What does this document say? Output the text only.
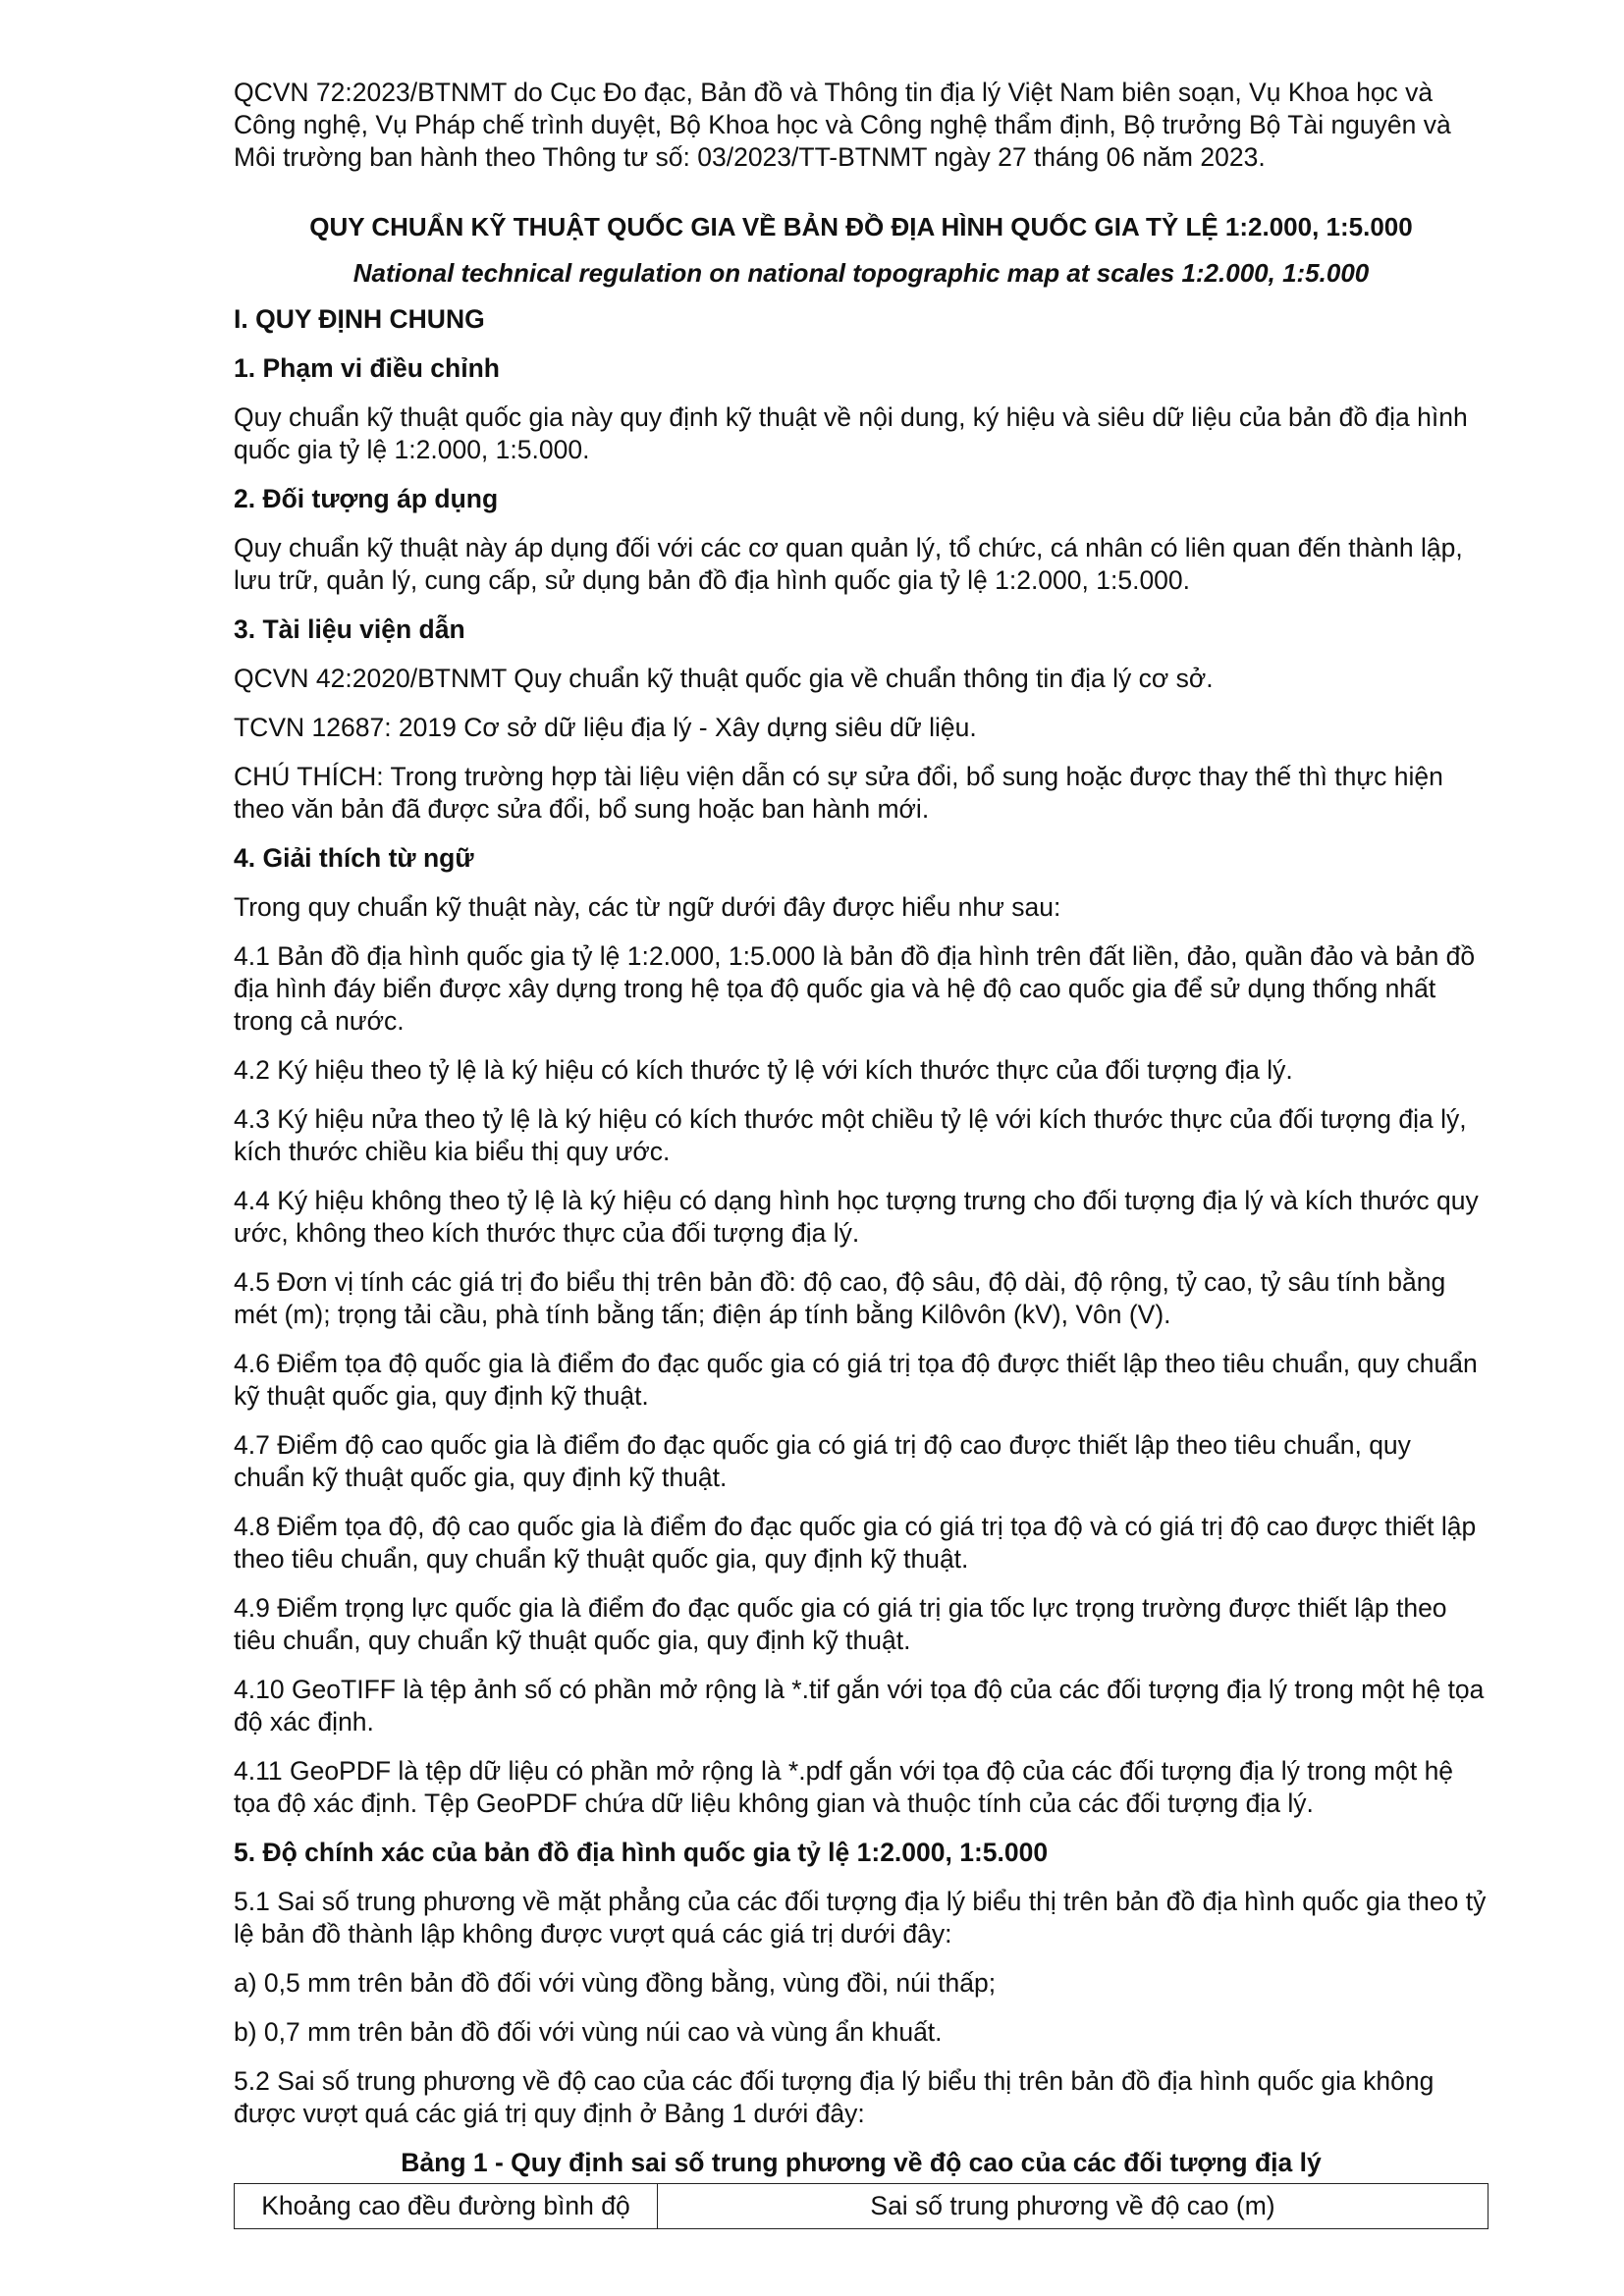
QCVN 72:2023/BTNMT do Cục Đo đạc, Bản đồ và Thông tin địa lý Việt Nam biên soạn, Vụ Khoa học và Công nghệ, Vụ Pháp chế trình duyệt, Bộ Khoa học và Công nghệ thẩm định, Bộ trưởng Bộ Tài nguyên và Môi trường ban hành theo Thông tư số: 03/2023/TT-BTNMT ngày 27 tháng 06 năm 2023.

QUY CHUẨN KỸ THUẬT QUỐC GIA VỀ BẢN ĐỒ ĐỊA HÌNH QUỐC GIA TỶ LỆ 1:2.000, 1:5.000

National technical regulation on national topographic map at scales 1:2.000, 1:5.000

I. QUY ĐỊNH CHUNG

1. Phạm vi điều chỉnh

Quy chuẩn kỹ thuật quốc gia này quy định kỹ thuật về nội dung, ký hiệu và siêu dữ liệu của bản đồ địa hình quốc gia tỷ lệ 1:2.000, 1:5.000.

2. Đối tượng áp dụng

Quy chuẩn kỹ thuật này áp dụng đối với các cơ quan quản lý, tổ chức, cá nhân có liên quan đến thành lập, lưu trữ, quản lý, cung cấp, sử dụng bản đồ địa hình quốc gia tỷ lệ 1:2.000, 1:5.000.

3. Tài liệu viện dẫn

QCVN 42:2020/BTNMT Quy chuẩn kỹ thuật quốc gia về chuẩn thông tin địa lý cơ sở.

TCVN 12687: 2019 Cơ sở dữ liệu địa lý - Xây dựng siêu dữ liệu.

CHÚ THÍCH: Trong trường hợp tài liệu viện dẫn có sự sửa đổi, bổ sung hoặc được thay thế thì thực hiện theo văn bản đã được sửa đổi, bổ sung hoặc ban hành mới.

4. Giải thích từ ngữ

Trong quy chuẩn kỹ thuật này, các từ ngữ dưới đây được hiểu như sau:

4.1 Bản đồ địa hình quốc gia tỷ lệ 1:2.000, 1:5.000 là bản đồ địa hình trên đất liền, đảo, quần đảo và bản đồ địa hình đáy biển được xây dựng trong hệ tọa độ quốc gia và hệ độ cao quốc gia để sử dụng thống nhất trong cả nước.

4.2 Ký hiệu theo tỷ lệ là ký hiệu có kích thước tỷ lệ với kích thước thực của đối tượng địa lý.

4.3 Ký hiệu nửa theo tỷ lệ là ký hiệu có kích thước một chiều tỷ lệ với kích thước thực của đối tượng địa lý, kích thước chiều kia biểu thị quy ước.

4.4 Ký hiệu không theo tỷ lệ là ký hiệu có dạng hình học tượng trưng cho đối tượng địa lý và kích thước quy ước, không theo kích thước thực của đối tượng địa lý.

4.5 Đơn vị tính các giá trị đo biểu thị trên bản đồ: độ cao, độ sâu, độ dài, độ rộng, tỷ cao, tỷ sâu tính bằng mét (m); trọng tải cầu, phà tính bằng tấn; điện áp tính bằng Kilôvôn (kV), Vôn (V).

4.6 Điểm tọa độ quốc gia là điểm đo đạc quốc gia có giá trị tọa độ được thiết lập theo tiêu chuẩn, quy chuẩn kỹ thuật quốc gia, quy định kỹ thuật.

4.7 Điểm độ cao quốc gia là điểm đo đạc quốc gia có giá trị độ cao được thiết lập theo tiêu chuẩn, quy chuẩn kỹ thuật quốc gia, quy định kỹ thuật.

4.8 Điểm tọa độ, độ cao quốc gia là điểm đo đạc quốc gia có giá trị tọa độ và có giá trị độ cao được thiết lập theo tiêu chuẩn, quy chuẩn kỹ thuật quốc gia, quy định kỹ thuật.

4.9 Điểm trọng lực quốc gia là điểm đo đạc quốc gia có giá trị gia tốc lực trọng trường được thiết lập theo tiêu chuẩn, quy chuẩn kỹ thuật quốc gia, quy định kỹ thuật.

4.10 GeoTIFF là tệp ảnh số có phần mở rộng là *.tif gắn với tọa độ của các đối tượng địa lý trong một hệ tọa độ xác định.

4.11 GeoPDF là tệp dữ liệu có phần mở rộng là *.pdf gắn với tọa độ của các đối tượng địa lý trong một hệ tọa độ xác định. Tệp GeoPDF chứa dữ liệu không gian và thuộc tính của các đối tượng địa lý.

5. Độ chính xác của bản đồ địa hình quốc gia tỷ lệ 1:2.000, 1:5.000

5.1 Sai số trung phương về mặt phẳng của các đối tượng địa lý biểu thị trên bản đồ địa hình quốc gia theo tỷ lệ bản đồ thành lập không được vượt quá các giá trị dưới đây:

a) 0,5 mm trên bản đồ đối với vùng đồng bằng, vùng đồi, núi thấp;

b) 0,7 mm trên bản đồ đối với vùng núi cao và vùng ẩn khuất.

5.2 Sai số trung phương về độ cao của các đối tượng địa lý biểu thị trên bản đồ địa hình quốc gia không được vượt quá các giá trị quy định ở Bảng 1 dưới đây:

Bảng 1 - Quy định sai số trung phương về độ cao của các đối tượng địa lý

Khoảng cao đều đường bình độ	Sai số trung phương về độ cao (m)
